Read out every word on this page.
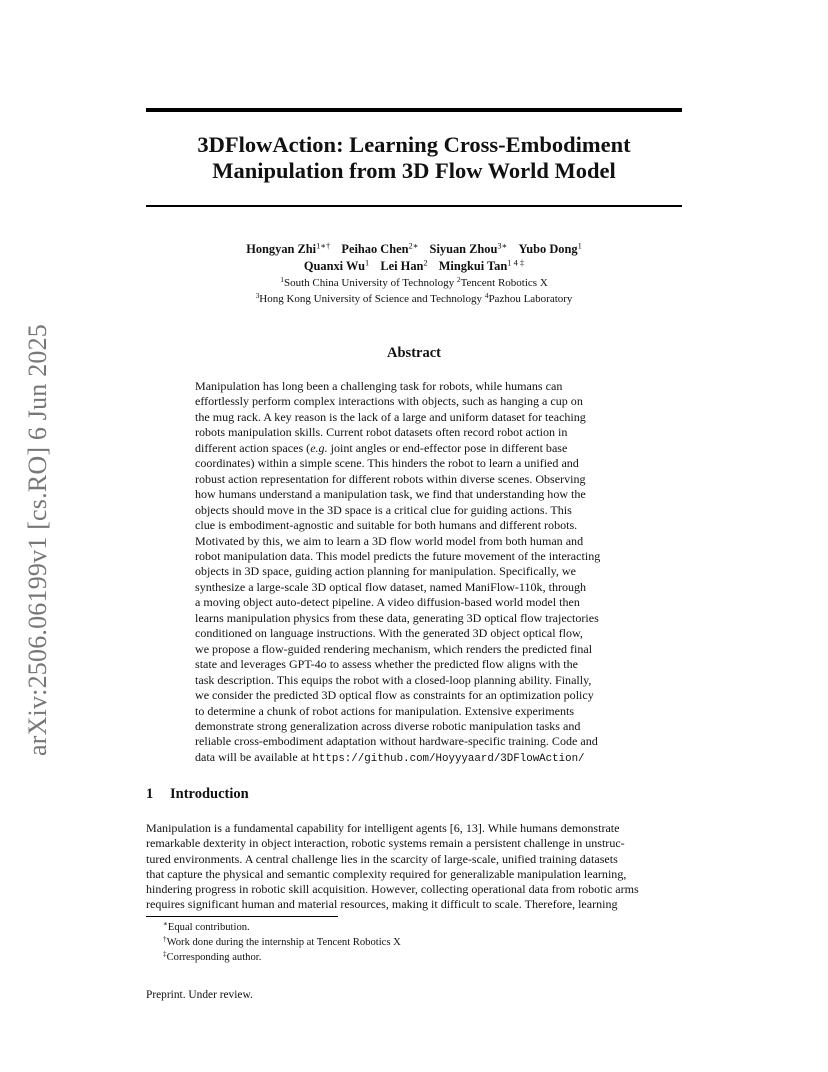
arXiv:2506.06199v1 [cs.RO] 6 Jun 2025
3DFlowAction: Learning Cross-Embodiment
Manipulation from 3D Flow World Model
Hongyan Zhi$^{1∗\dagger}$ Peihao Chen$^{2∗}$ Siyuan Zhou$^{3∗}$ Yubo Dong$^1$
Quanxi Wu$^1$ Lei Han$^2$ Mingkui Tan$^{1 4 \ddagger}$
$^1$South China University of Technology $^2$Tencent Robotics X
$^3$Hong Kong University of Science and Technology $^4$Pazhou Laboratory
Abstract
Manipulation has long been a challenging task for robots, while humans can
effortlessly perform complex interactions with objects, such as hanging a cup on
the mug rack. A key reason is the lack of a large and uniform dataset for teaching
robots manipulation skills. Current robot datasets often record robot action in
different action spaces (e.g. joint angles or end-effector pose in different base
coordinates) within a simple scene. This hinders the robot to learn a unified and
robust action representation for different robots within diverse scenes. Observing
how humans understand a manipulation task, we find that understanding how the
objects should move in the 3D space is a critical clue for guiding actions. This
clue is embodiment-agnostic and suitable for both humans and different robots.
Motivated by this, we aim to learn a 3D flow world model from both human and
robot manipulation data. This model predicts the future movement of the interacting
objects in 3D space, guiding action planning for manipulation. Specifically, we
synthesize a large-scale 3D optical flow dataset, named ManiFlow-110k, through
a moving object auto-detect pipeline. A video diffusion-based world model then
learns manipulation physics from these data, generating 3D optical flow trajectories
conditioned on language instructions. With the generated 3D object optical flow,
we propose a flow-guided rendering mechanism, which renders the predicted final
state and leverages GPT-4o to assess whether the predicted flow aligns with the
task description. This equips the robot with a closed-loop planning ability. Finally,
we consider the predicted 3D optical flow as constraints for an optimization policy
to determine a chunk of robot actions for manipulation. Extensive experiments
demonstrate strong generalization across diverse robotic manipulation tasks and
reliable cross-embodiment adaptation without hardware-specific training. Code and
data will be available at https://github.com/Hoyyyaard/3DFlowAction/
1 Introduction
Manipulation is a fundamental capability for intelligent agents [6, 13]. While humans demonstrate
remarkable dexterity in object interaction, robotic systems remain a persistent challenge in unstruc-
tured environments. A central challenge lies in the scarcity of large-scale, unified training datasets
that capture the physical and semantic complexity required for generalizable manipulation learning,
hindering progress in robotic skill acquisition. However, collecting operational data from robotic arms
requires significant human and material resources, making it difficult to scale. Therefore, learning
∗Equal contribution.
†Work done during the internship at Tencent Robotics X
‡Corresponding author.
Preprint. Under review.
